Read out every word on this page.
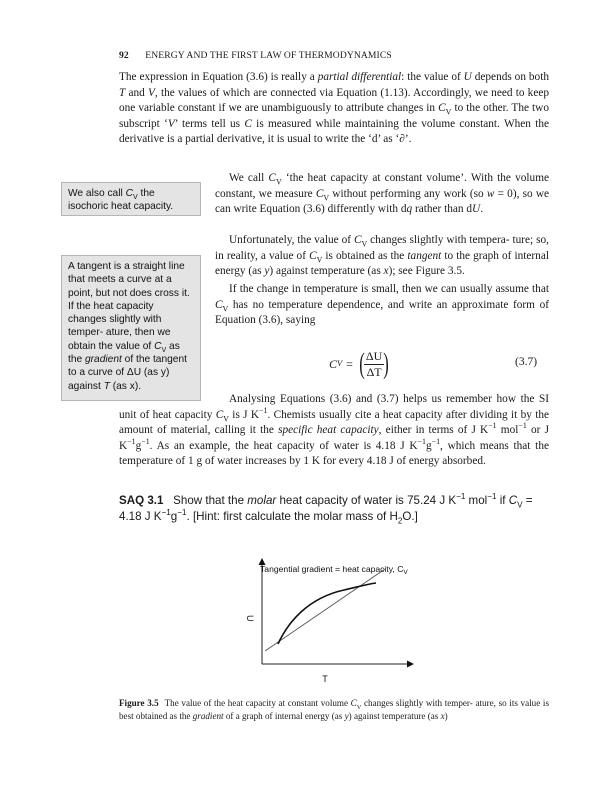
92 ENERGY AND THE FIRST LAW OF THERMODYNAMICS

The expression in Equation (3.6) is really a partial differential: the value of U depends on both T and V, the values of which are connected via Equation (1.13). Accordingly, we need to keep one variable constant if we are unambiguously to attribute changes in $C_V$ to the other. The two subscript ‘V’ terms tell us C is measured while maintaining the volume constant. When the derivative is a partial derivative, it is usual to write the ‘d’ as ‘∂’.

We also call $C_V$ the isochoric heat capacity.

We call $C_V$ ‘the heat capacity at constant volume’. With the volume constant, we measure $C_V$ without performing any work (so w = 0), so we can write Equation (3.6) differently with dq rather than dU.

Unfortunately, the value of $C_V$ changes slightly with tempera- ture; so, in reality, a value of $C_V$ is obtained as the tangent to the graph of internal energy (as y) against temperature (as x); see Figure 3.5.

A tangent is a straight line that meets a curve at a point, but not does cross it. If the heat capacity changes slightly with temper- ature, then we obtain the value of $C_V$ as the gradient of the tangent to a curve of ΔU (as y) against T (as x).

If the change in temperature is small, then we can usually assume that $C_V$ has no temperature dependence, and write an approximate form of Equation (3.6), saying

C V = ( ΔU
ΔT )	(3.7)

Analysing Equations (3.6) and (3.7) helps us remember how the SI unit of heat capacity $C_V$ is J $K^{-1}$. Chemists usually cite a heat capacity after dividing it by the amount of material, calling it the specific heat capacity, either in terms of J $K^{-1}$ mol$^{-1}$ or J $K^{-1}g^{-1}$. As an example, the heat capacity of water is 4.18 J $K^{-1}g^{-1}$, which means that the temperature of 1 g of water increases by 1 K for every 4.18 J of energy absorbed.

SAQ 3.1 Show that the molar heat capacity of water is 75.24 J $K^{-1}$ mol$^{-1}$ if $C_V = 4.18$ J $K^{-1}g^{-1}$. [Hint: first calculate the molar mass of $H_2O$.]
Tangential gradient = heat capacity, $C_V$
U
T
Figure 3.5 The value of the heat capacity at constant volume $C_V$ changes slightly with temper- ature, so its value is best obtained as the gradient of a graph of internal energy (as y) against temperature (as x)
